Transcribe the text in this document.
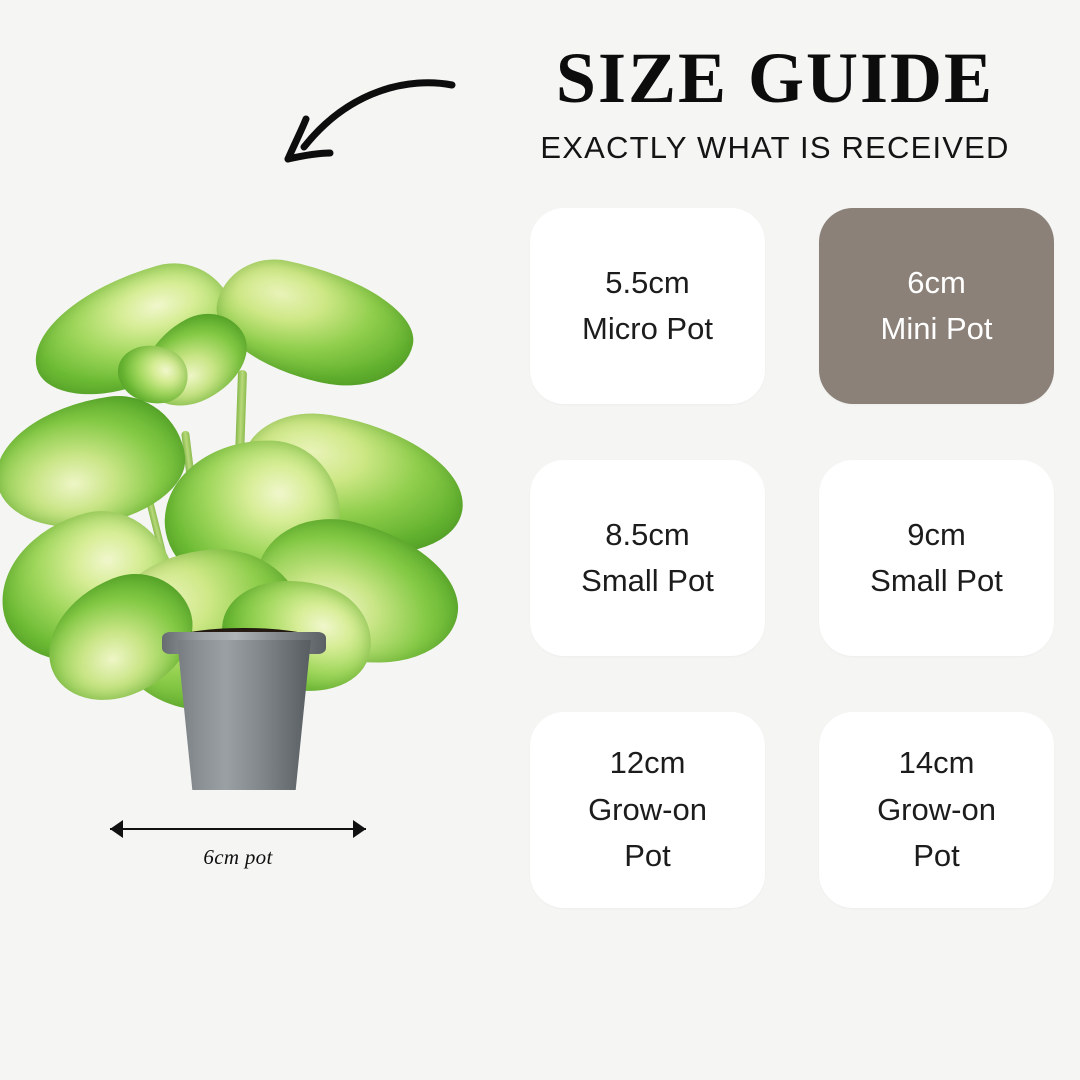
6cm pot
SIZE GUIDE
EXACTLY WHAT IS RECEIVED
5.5cm
Micro Pot
6cm
Mini Pot
8.5cm
Small Pot
9cm
Small Pot
12cm
Grow-on
Pot
14cm
Grow-on
Pot
